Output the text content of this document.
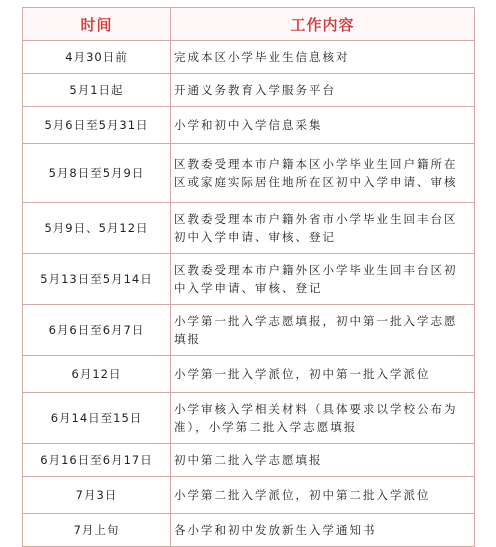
时间	工作内容
4月30日前	完成本区小学毕业生信息核对
5月1日起	开通义务教育入学服务平台
5月6日至5月31日	小学和初中入学信息采集
5月8日至5月9日	区教委受理本市户籍本区小学毕业生回户籍所在区或家庭实际居住地所在区初中入学申请、审核
5月9日、5月12日	区教委受理本市户籍外省市小学毕业生回丰台区初中入学申请、审核、登记
5月13日至5月14日	区教委受理本市户籍外区小学毕业生回丰台区初中入学申请、审核、登记
6月6日至6月7日	小学第一批入学志愿填报，初中第一批入学志愿填报
6月12日	小学第一批入学派位，初中第一批入学派位
6月14日至15日	小学审核入学相关材料（具体要求以学校公布为准），小学第二批入学志愿填报
6月16日至6月17日	初中第二批入学志愿填报
7月3日	小学第二批入学派位，初中第二批入学派位
7月上旬	各小学和初中发放新生入学通知书
